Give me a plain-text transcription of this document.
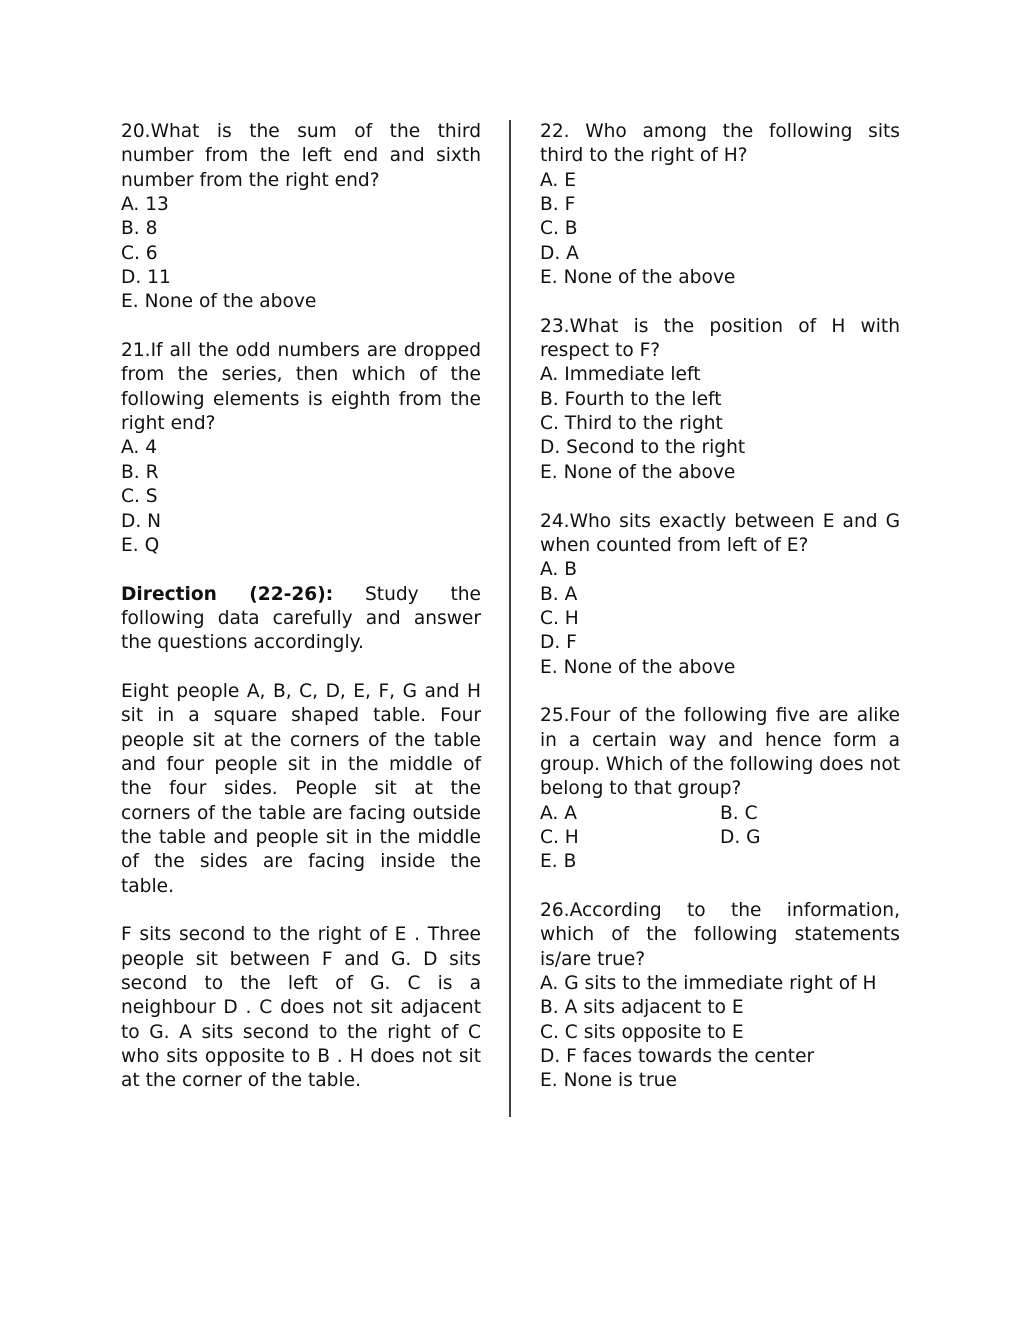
20.What is the sum of the third number from the left end and sixth number from the right end?

A. 13

B. 8

C. 6

D. 11

E. None of the above

21.If all the odd numbers are dropped from the series, then which of the following elements is eighth from the right end?

A. 4

B. R

C. S

D. N

E. Q

Direction (22-26): Study the following data carefully and answer the questions accordingly.

Eight people A, B, C, D, E, F, G and H sit in a square shaped table. Four people sit at the corners of the table and four people sit in the middle of the four sides. People sit at the corners of the table are facing outside the table and people sit in the middle of the sides are facing inside the table.

F sits second to the right of E . Three people sit between F and G. D sits second to the left of G. C is a neighbour D . C does not sit adjacent to G. A sits second to the right of C who sits opposite to B . H does not sit at the corner of the table.

22. Who among the following sits third to the right of H?

A. E

B. F

C. B

D. A

E. None of the above

23.What is the position of H with respect to F?

A. Immediate left

B. Fourth to the left

C. Third to the right

D. Second to the right

E. None of the above

24.Who sits exactly between E and G when counted from left of E?

A. B

B. A

C. H

D. F

E. None of the above

25.Four of the following five are alike in a certain way and hence form a group. Which of the following does not belong to that group?

A. A	B. C

C. H	D. G

E. B

26.According to the information, which of the following statements is/are true?

A. G sits to the immediate right of H

B. A sits adjacent to E

C. C sits opposite to E

D. F faces towards the center

E. None is true
